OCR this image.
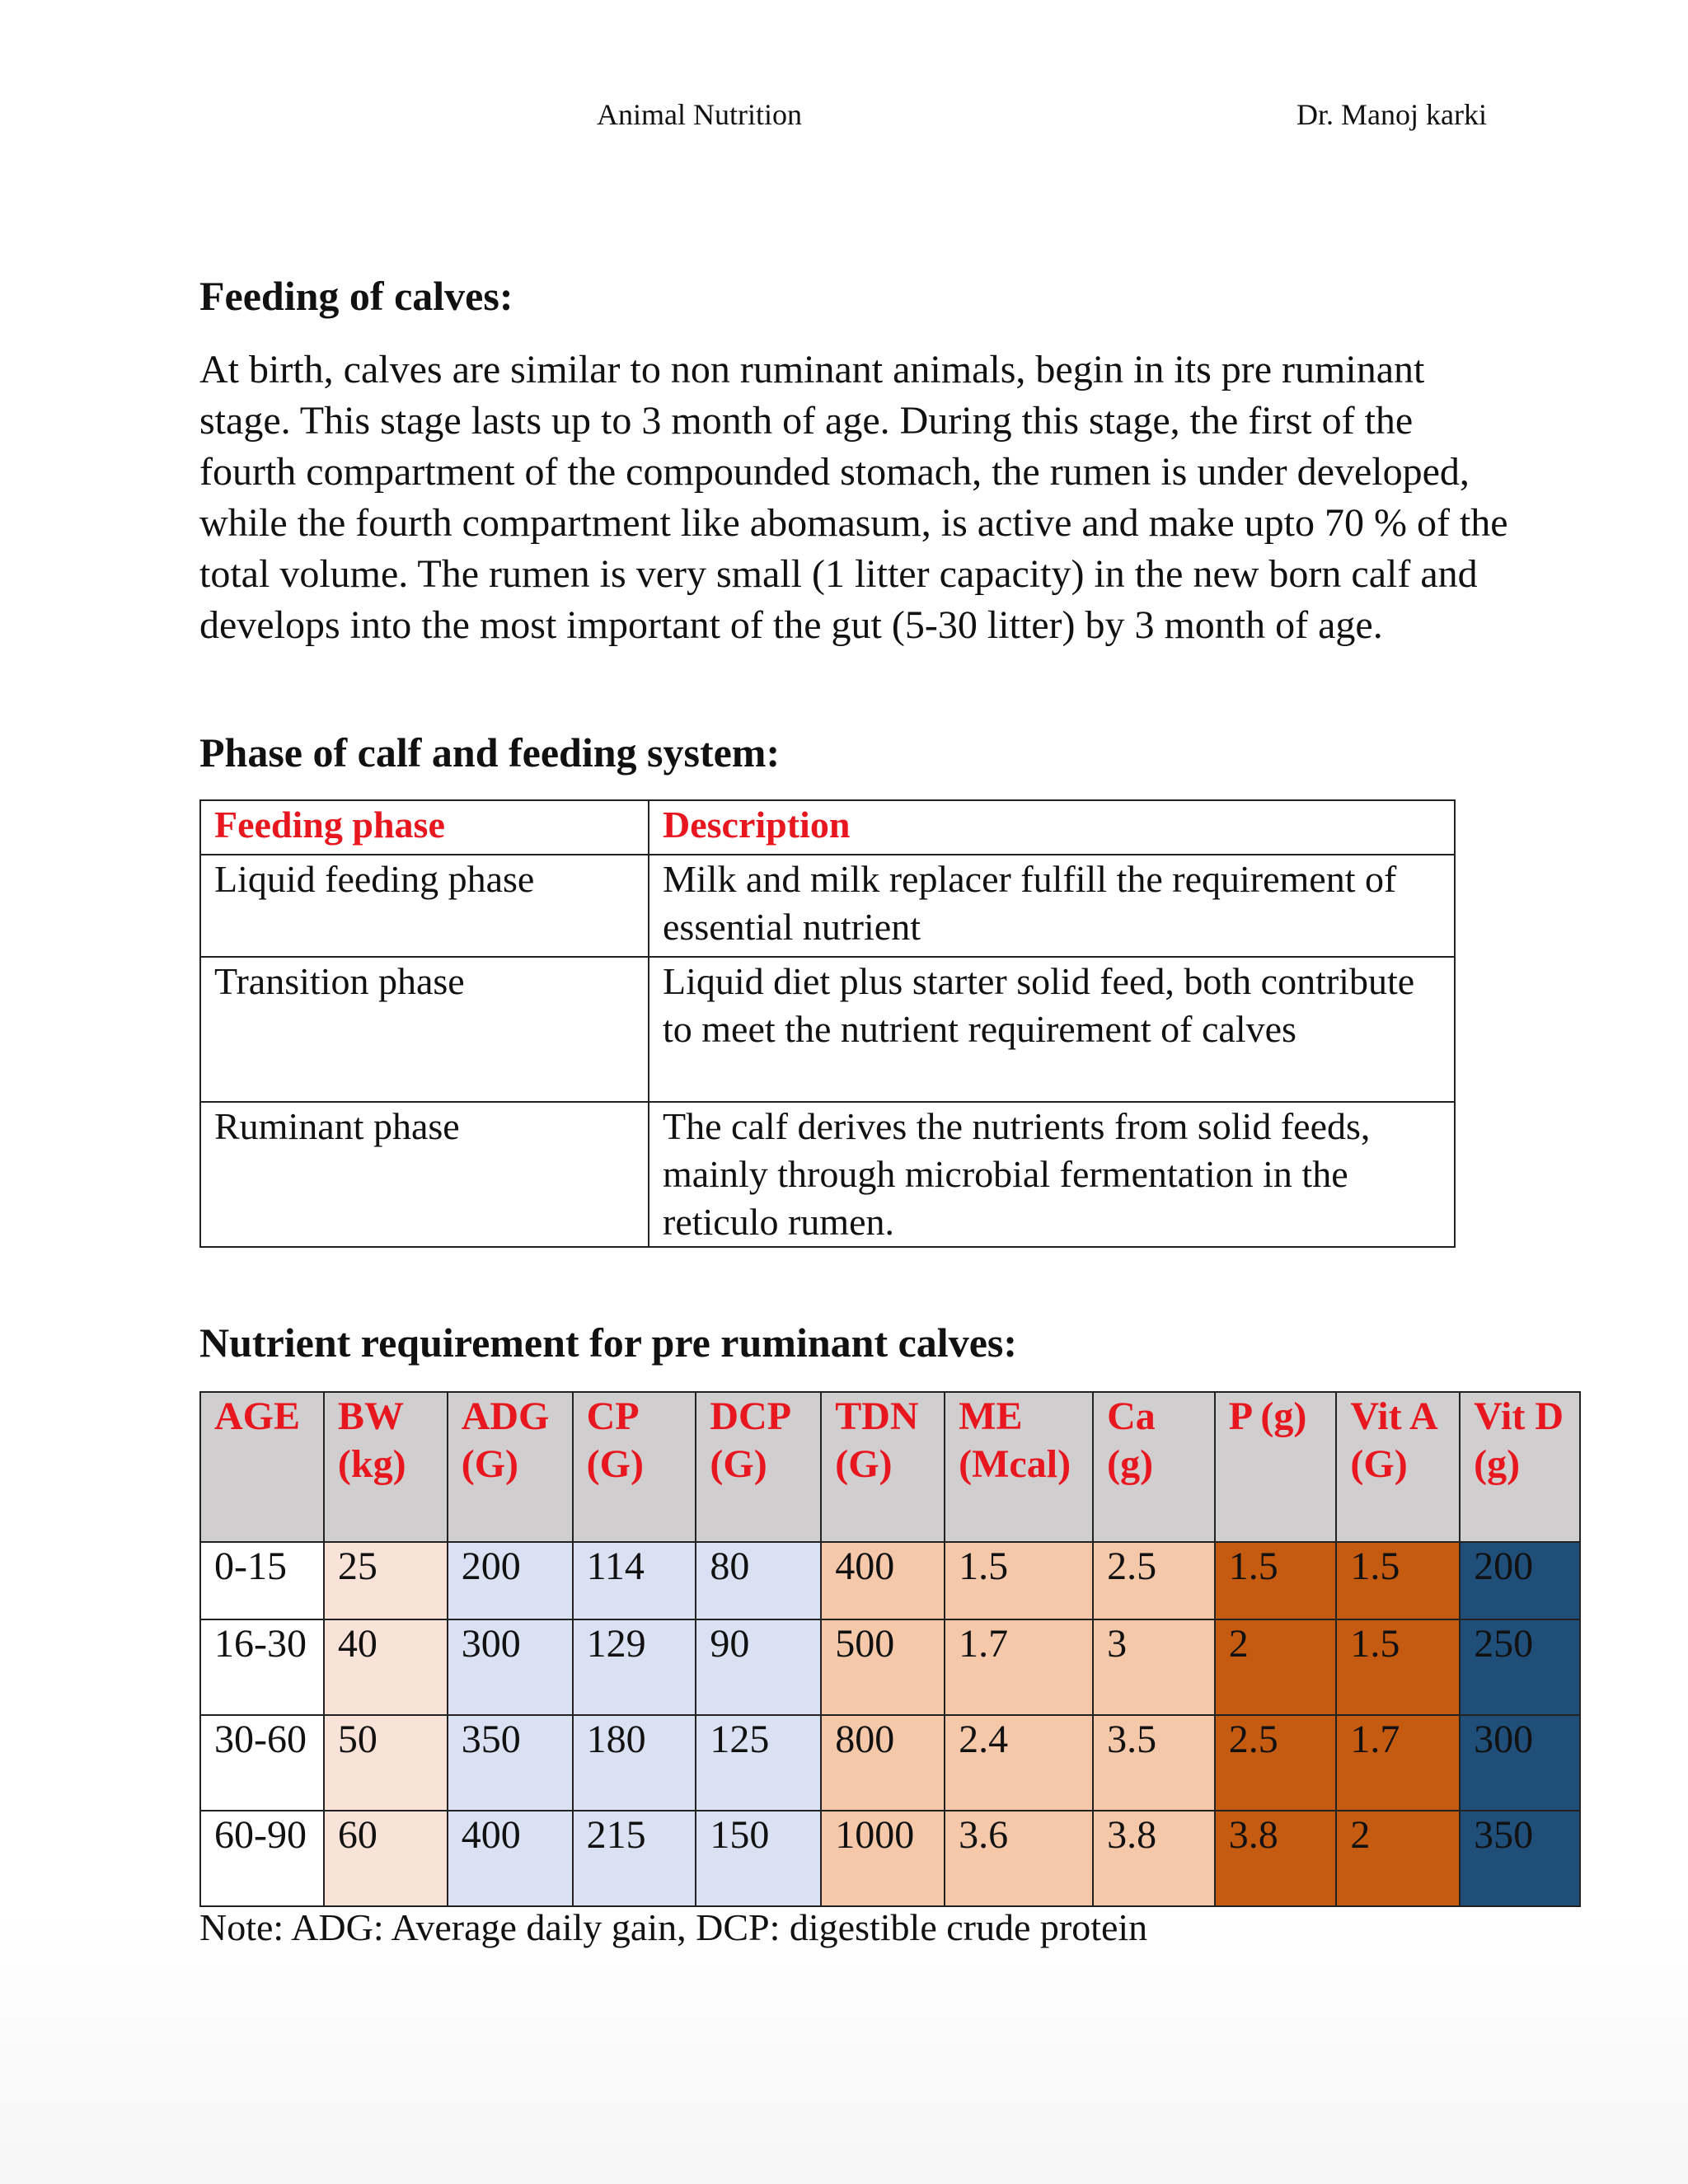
Animal Nutrition	Dr. Manoj karki
Feeding of calves:

At birth, calves are similar to non ruminant animals, begin in its pre ruminant stage. This stage lasts up to 3 month of age. During this stage, the first of the fourth compartment of the compounded stomach, the rumen is under developed, while the fourth compartment like abomasum, is active and make upto 70 % of the total volume. The rumen is very small (1 litter capacity) in the new born calf and develops into the most important of the gut (5-30 litter) by 3 month of age.

Phase of calf and feeding system:
Feeding phase	Description
Liquid feeding phase	Milk and milk replacer fulfill the requirement of essential nutrient
Transition phase	Liquid diet plus starter solid feed, both contribute to meet the nutrient requirement of calves
Ruminant phase	The calf derives the nutrients from solid feeds, mainly through microbial fermentation in the reticulo rumen.
Nutrient requirement for pre ruminant calves:
AGE	BW (kg)	ADG (G)	CP (G)	DCP (G)	TDN (G)	ME (Mcal)	Ca (g)	P (g)	Vit A (G)	Vit D (g)
0-15	25	200	114	80	400	1.5	2.5	1.5	1.5	200
16-30	40	300	129	90	500	1.7	3	2	1.5	250
30-60	50	350	180	125	800	2.4	3.5	2.5	1.7	300
60-90	60	400	215	150	1000	3.6	3.8	3.8	2	350
Note: ADG: Average daily gain, DCP: digestible crude protein
